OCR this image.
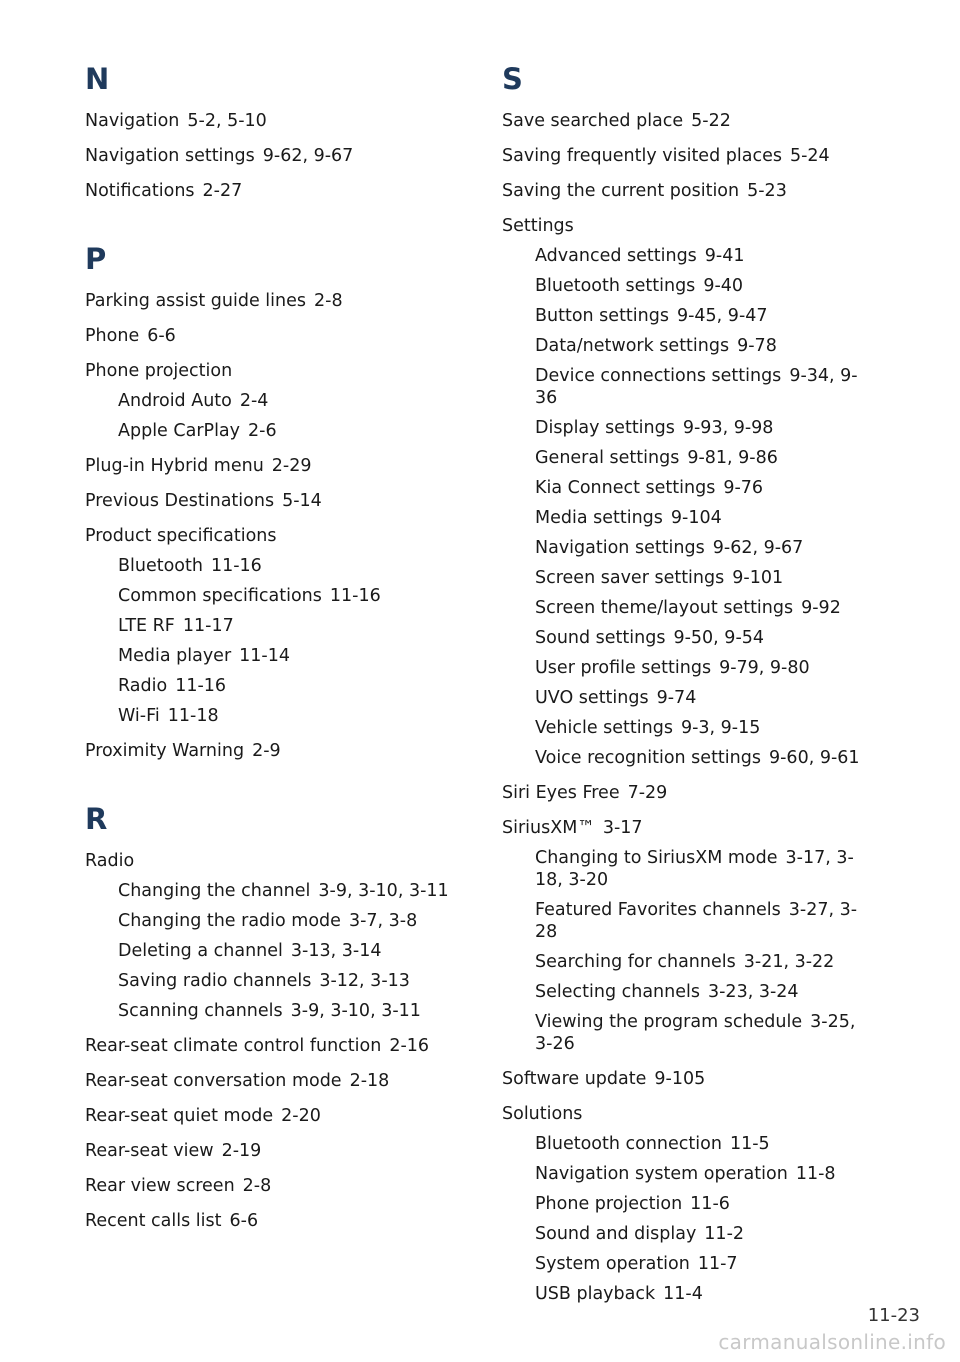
N
Navigation 5-2, 5-10
Navigation settings 9-62, 9-67
Notifications 2-27
P
Parking assist guide lines 2-8
Phone 6-6
Phone projection
Android Auto 2-4
Apple CarPlay 2-6
Plug-in Hybrid menu 2-29
Previous Destinations 5-14
Product specifications
Bluetooth 11-16
Common specifications 11-16
LTE RF 11-17
Media player 11-14
Radio 11-16
Wi-Fi 11-18
Proximity Warning 2-9
R
Radio
Changing the channel 3-9, 3-10, 3-11
Changing the radio mode 3-7, 3-8
Deleting a channel 3-13, 3-14
Saving radio channels 3-12, 3-13
Scanning channels 3-9, 3-10, 3-11
Rear-seat climate control function 2-16
Rear-seat conversation mode 2-18
Rear-seat quiet mode 2-20
Rear-seat view 2-19
Rear view screen 2-8
Recent calls list 6-6
S
Save searched place 5-22
Saving frequently visited places 5-24
Saving the current position 5-23
Settings
Advanced settings 9-41
Bluetooth settings 9-40
Button settings 9-45, 9-47
Data/network settings 9-78
Device connections settings 9-34, 9-36
Display settings 9-93, 9-98
General settings 9-81, 9-86
Kia Connect settings 9-76
Media settings 9-104
Navigation settings 9-62, 9-67
Screen saver settings 9-101
Screen theme/layout settings 9-92
Sound settings 9-50, 9-54
User profile settings 9-79, 9-80
UVO settings 9-74
Vehicle settings 9-3, 9-15
Voice recognition settings 9-60, 9-61
Siri Eyes Free 7-29
SiriusXM™ 3-17
Changing to SiriusXM mode 3-17, 3-18, 3-20
Featured Favorites channels 3-27, 3-28
Searching for channels 3-21, 3-22
Selecting channels 3-23, 3-24
Viewing the program schedule 3-25, 3-26
Software update 9-105
Solutions
Bluetooth connection 11-5
Navigation system operation 11-8
Phone projection 11-6
Sound and display 11-2
System operation 11-7
USB playback 11-4
11-23
carmanualsonline.info
